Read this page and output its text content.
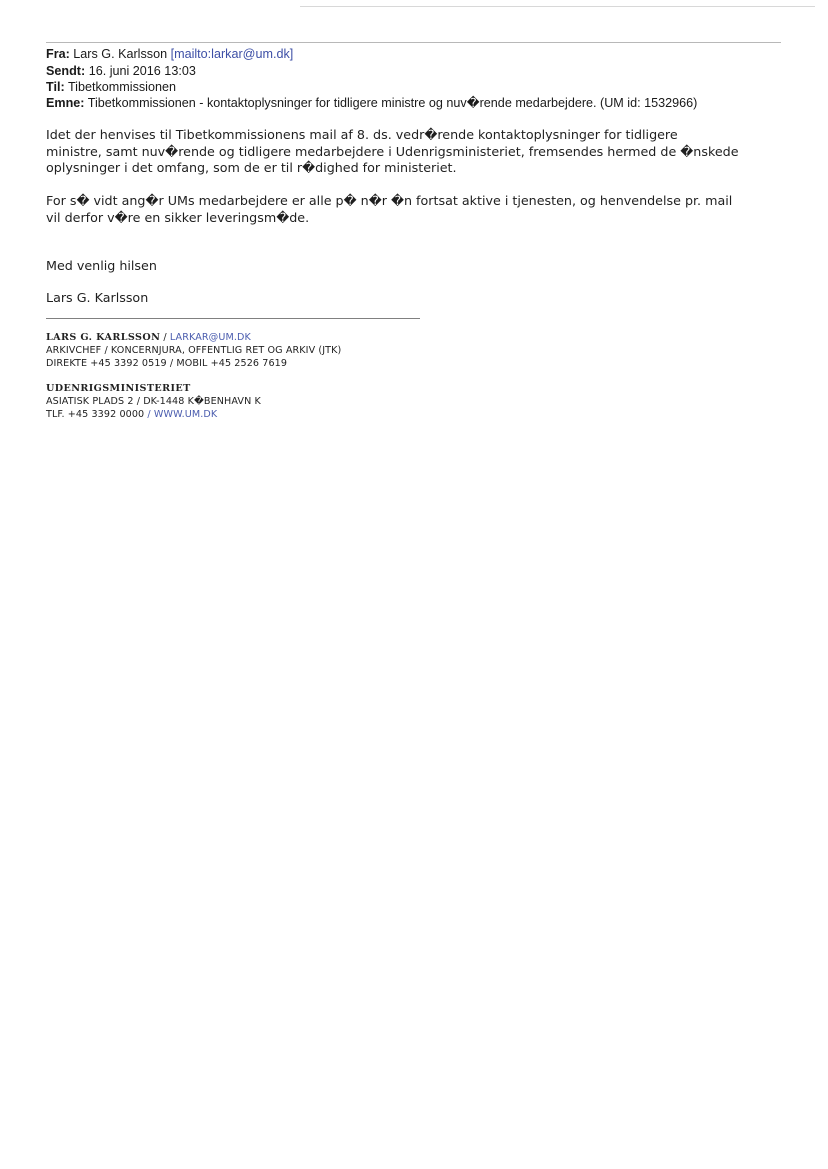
Fra: Lars G. Karlsson [mailto:larkar@um.dk]
Sendt: 16. juni 2016 13:03
Til: Tibetkommissionen
Emne: Tibetkommissionen - kontaktoplysninger for tidligere ministre og nuv�rende medarbejdere. (UM id: 1532966)
Idet der henvises til Tibetkommissionens mail af 8. ds. vedr�rende kontaktoplysninger for tidligere
ministre, samt nuv�rende og tidligere medarbejdere i Udenrigsministeriet, fremsendes hermed de �nskede
oplysninger i det omfang, som de er til r�dighed for ministeriet.
For s� vidt ang�r UMs medarbejdere er alle p� n�r �n fortsat aktive i tjenesten, og henvendelse pr. mail
vil derfor v�re en sikker leveringsm�de.
Med venlig hilsen
Lars G. Karlsson
LARS G. KARLSSON / LARKAR@UM.DK
ARKIVCHEF / KONCERNJURA, OFFENTLIG RET OG ARKIV (JTK)
DIREKTE +45 3392 0519 / MOBIL +45 2526 7619
UDENRIGSMINISTERIET
ASIATISK PLADS 2 / DK-1448 K�BENHAVN K
TLF. +45 3392 0000 / WWW.UM.DK
